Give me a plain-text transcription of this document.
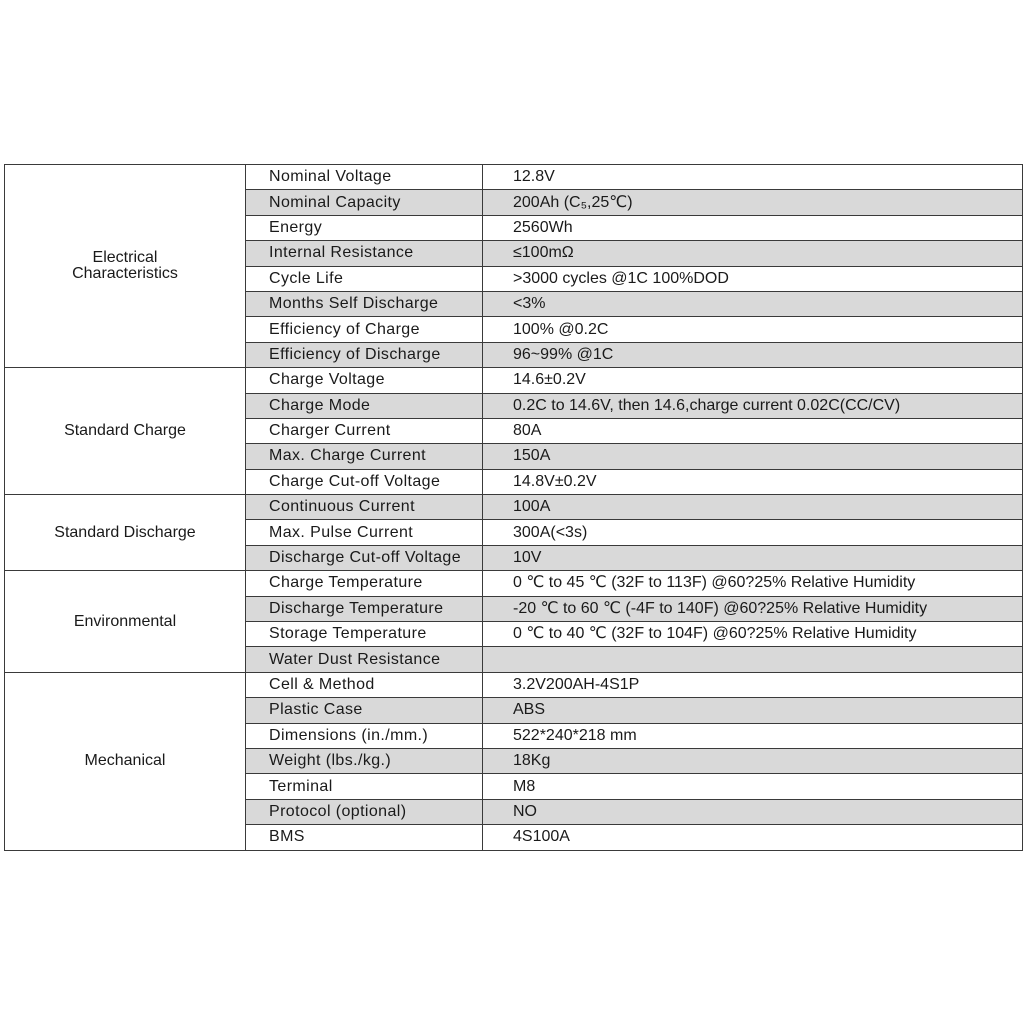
Electrical
Characteristics	Nominal Voltage	12.8V
	Nominal Capacity	200Ah (C₅,25℃)
	Energy	2560Wh
	Internal Resistance	≤100mΩ
	Cycle Life	>3000 cycles @1C 100%DOD
	Months Self Discharge	<3%
	Efficiency of Charge	100% @0.2C
	Efficiency of Discharge	96~99% @1C
Standard Charge	Charge Voltage	14.6±0.2V
	Charge Mode	0.2C to 14.6V, then 14.6,charge current 0.02C(CC/CV)
	Charger Current	80A
	Max. Charge Current	150A
	Charge Cut-off Voltage	14.8V±0.2V
Standard Discharge	Continuous Current	100A
	Max. Pulse Current	300A(<3s)
	Discharge Cut-off Voltage	10V
Environmental	Charge Temperature	0 ℃ to 45 ℃ (32F to 113F) @60?25% Relative Humidity
	Discharge Temperature	-20 ℃ to 60 ℃ (-4F to 140F) @60?25% Relative Humidity
	Storage Temperature	0 ℃ to 40 ℃ (32F to 104F) @60?25% Relative Humidity
	Water Dust Resistance	
Mechanical	Cell & Method	3.2V200AH-4S1P
	Plastic Case	ABS
	Dimensions (in./mm.)	522*240*218 mm
	Weight (lbs./kg.)	18Kg
	Terminal	M8
	Protocol (optional)	NO
	BMS	4S100A
